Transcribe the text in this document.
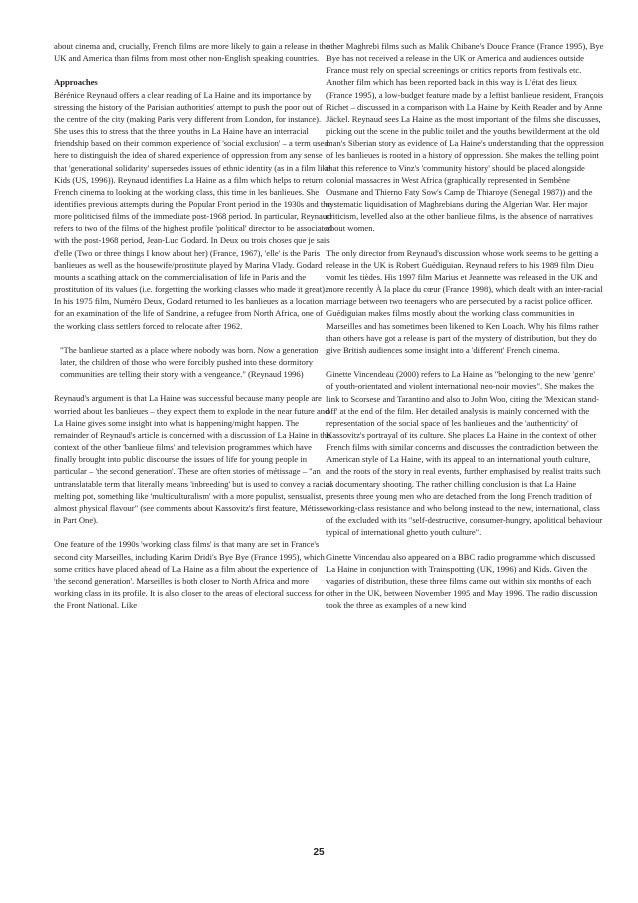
about cinema and, crucially, French films are more likely to gain a release in the UK and America than films from most other non-English speaking countries.

Approaches

Bérénice Reynaud offers a clear reading of La Haine and its importance by stressing the history of the Parisian authorities' attempt to push the poor out of the centre of the city (making Paris very different from London, for instance). She uses this to stress that the three youths in La Haine have an interracial friendship based on their common experience of 'social exclusion' – a term used here to distinguish the idea of shared experience of oppression from any sense that 'generational solidarity' supersedes issues of ethnic identity (as in a film like Kids (US, 1996)). Reynaud identifies La Haine as a film which helps to return French cinema to looking at the working class, this time in les banlieues. She identifies previous attempts during the Popular Front period in the 1930s and the more politicised films of the immediate post-1968 period. In particular, Reynaud refers to two of the films of the highest profile 'political' director to be associated with the post-1968 period, Jean-Luc Godard. In Deux ou trois choses que je sais d'elle (Two or three things I know about her) (France, 1967), 'elle' is the Paris banlieues as well as the housewife/prostitute played by Marina Vlady. Godard mounts a scathing attack on the commercialisation of life in Paris and the prostitution of its values (i.e. forgetting the working classes who made it great). In his 1975 film, Numéro Deux, Godard returned to les banlieues as a location for an examination of the life of Sandrine, a refugee from North Africa, one of the working class settlers forced to relocate after 1962.

"The banlieue started as a place where nobody was born. Now a generation later, the children of those who were forcibly pushed into these dormitory communities are telling their story with a vengeance." (Reynaud 1996)

Reynaud's argument is that La Haine was successful because many people are worried about les banlieues – they expect them to explode in the near future and La Haine gives some insight into what is happening/might happen. The remainder of Reynaud's article is concerned with a discussion of La Haine in the context of the other 'banlieue films' and television programmes which have finally brought into public discourse the issues of life for young people in particular – 'the second generation'. These are often stories of métissage – "an untranslatable term that literally means 'inbreeding' but is used to convey a racial melting pot, something like 'multiculturalism' with a more populist, sensualist, almost physical flavour" (see comments about Kassovitz's first feature, Métisse in Part One).

One feature of the 1990s 'working class films' is that many are set in France's second city Marseilles, including Karim Dridi's Bye Bye (France 1995), which some critics have placed ahead of La Haine as a film about the experience of 'the second generation'. Marseilles is both closer to North Africa and more working class in its profile. It is also closer to the areas of electoral success for the Front National. Like

other Maghrebi films such as Malik Chibane's Douce France (France 1995), Bye Bye has not received a release in the UK or America and audiences outside France must rely on special screenings or critics reports from festivals etc. Another film which has been reported back in this way is L'état des lieux (France 1995), a low-budget feature made by a leftist banlieue resident, François Richet – discussed in a comparison with La Haine by Keith Reader and by Anne Jäckel. Reynaud sees La Haine as the most important of the films she discusses, picking out the scene in the public toilet and the youths bewilderment at the old man's Siberian story as evidence of La Haine's understanding that the oppression of les banlieues is rooted in a history of oppression. She makes the telling point that this reference to Vinz's 'community history' should be placed alongside colonial massacres in West Africa (graphically represented in Sembène Ousmane and Thierno Faty Sow's Camp de Thiaroye (Senegal 1987)) and the systematic liquidisation of Maghrebians during the Algerian War. Her major criticism, levelled also at the other banlieue films, is the absence of narratives about women.

The only director from Reynaud's discussion whose work seems to be getting a release in the UK is Robert Guédiguian. Reynaud refers to his 1989 film Dieu vomit les tièdes. His 1997 film Marius et Jeannette was released in the UK and more recently À la place du cœur (France 1998), which dealt with an inter-racial marriage between two teenagers who are persecuted by a racist police officer. Guédiguian makes films mostly about the working class communities in Marseilles and has sometimes been likened to Ken Loach. Why his films rather than others have got a release is part of the mystery of distribution, but they do give British audiences some insight into a 'different' French cinema.

Ginette Vincendeau (2000) refers to La Haine as "belonging to the new 'genre' of youth-orientated and violent international neo-noir movies". She makes the link to Scorsese and Tarantino and also to John Woo, citing the 'Mexican stand-off' at the end of the film. Her detailed analysis is mainly concerned with the representation of the social space of les banlieues and the 'authenticity' of Kassovitz's portrayal of its culture. She places La Haine in the context of other French films with similar concerns and discusses the contradiction between the American style of La Haine, with its appeal to an international youth culture, and the roots of the story in real events, further emphasised by realist traits such as documentary shooting. The rather chilling conclusion is that La Haine presents three young men who are detached from the long French tradition of working-class resistance and who belong instead to the new, international, class of the excluded with its "self-destructive, consumer-hungry, apolitical behaviour typical of international ghetto youth culture".

Ginette Vincendau also appeared on a BBC radio programme which discussed La Haine in conjunction with Trainspotting (UK, 1996) and Kids. Given the vagaries of distribution, these three films came out within six months of each other in the UK, between November 1995 and May 1996. The radio discussion took the three as examples of a new kind

25
